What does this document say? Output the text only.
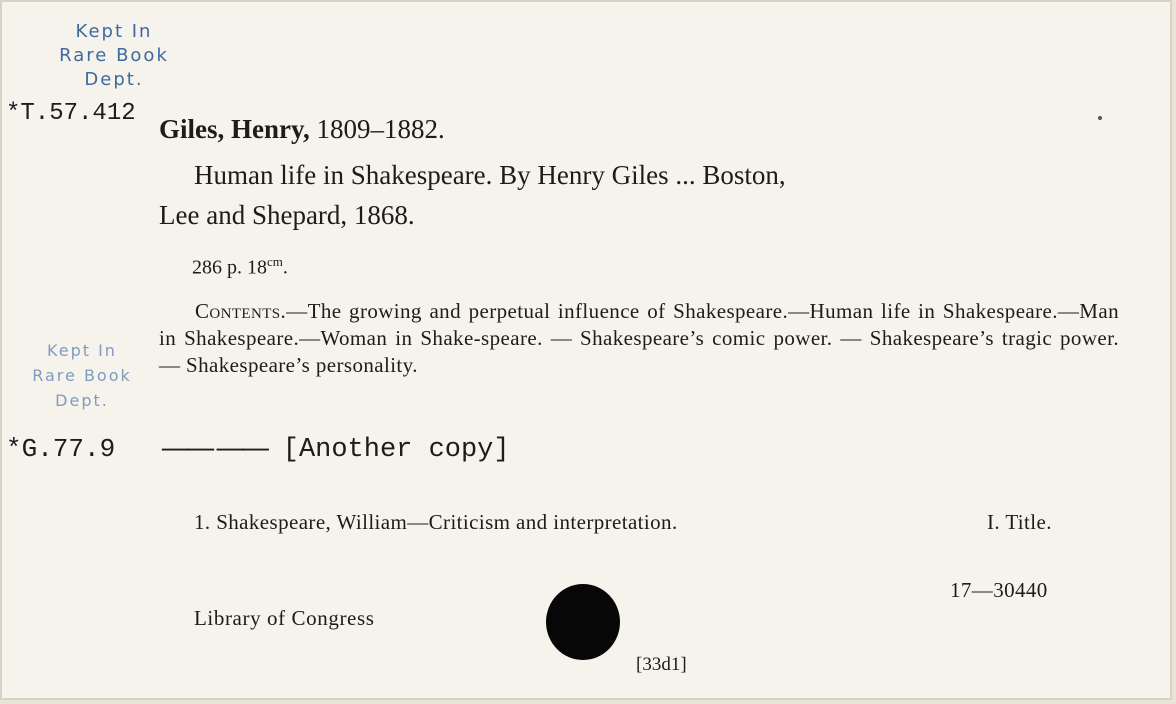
Kept In
Rare Book
Dept.
*T.57.412
Giles, Henry, 1809–1882.
Human life in Shakespeare. By Henry Giles ... Boston,
Lee and Shepard, 1868.
286 p. $18^{cm}$.
Contents.—The growing and perpetual influence of Shakespeare.—Human life in Shakespeare.—Man in Shakespeare.—Woman in Shake-speare. — Shakespeare’s comic power. — Shakespeare’s tragic power. — Shakespeare’s personality.
Kept In
Rare Book
Dept.
*G.77.9 —— —— [Another copy]
1. Shakespeare, William—Criticism and interpretation.	I. Title.
17—30440
Library of Congress
[33d1]
